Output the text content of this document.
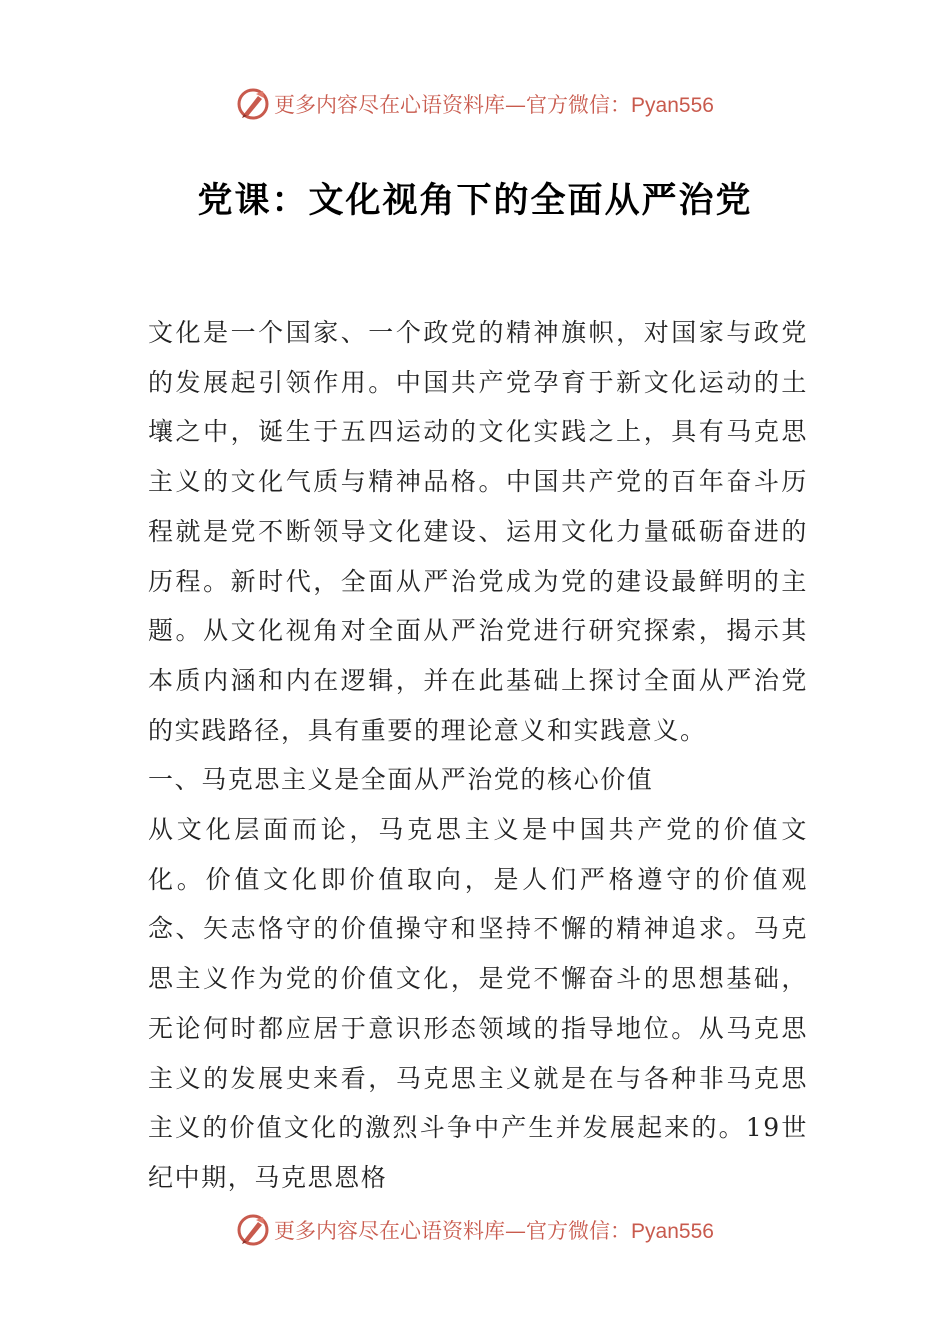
更多内容尽在心语资料库—官方微信：Pyan556
党课：文化视角下的全面从严治党

文化是一个国家、一个政党的精神旗帜，对国家与政党的发展起引领作用。中国共产党孕育于新文化运动的土壤之中，诞生于五四运动的文化实践之上，具有马克思主义的文化气质与精神品格。中国共产党的百年奋斗历程就是党不断领导文化建设、运用文化力量砥砺奋进的历程。新时代，全面从严治党成为党的建设最鲜明的主题。从文化视角对全面从严治党进行研究探索，揭示其本质内涵和内在逻辑，并在此基础上探讨全面从严治党的实践路径，具有重要的理论意义和实践意义。

一、马克思主义是全面从严治党的核心价值

从文化层面而论，马克思主义是中国共产党的价值文化。价值文化即价值取向，是人们严格遵守的价值观念、矢志恪守的价值操守和坚持不懈的精神追求。马克思主义作为党的价值文化，是党不懈奋斗的思想基础，无论何时都应居于意识形态领域的指导地位。从马克思主义的发展史来看，马克思主义就是在与各种非马克思主义的价值文化的激烈斗争中产生并发展起来的。19世纪中期，马克思恩格

更多内容尽在心语资料库—官方微信：Pyan556
